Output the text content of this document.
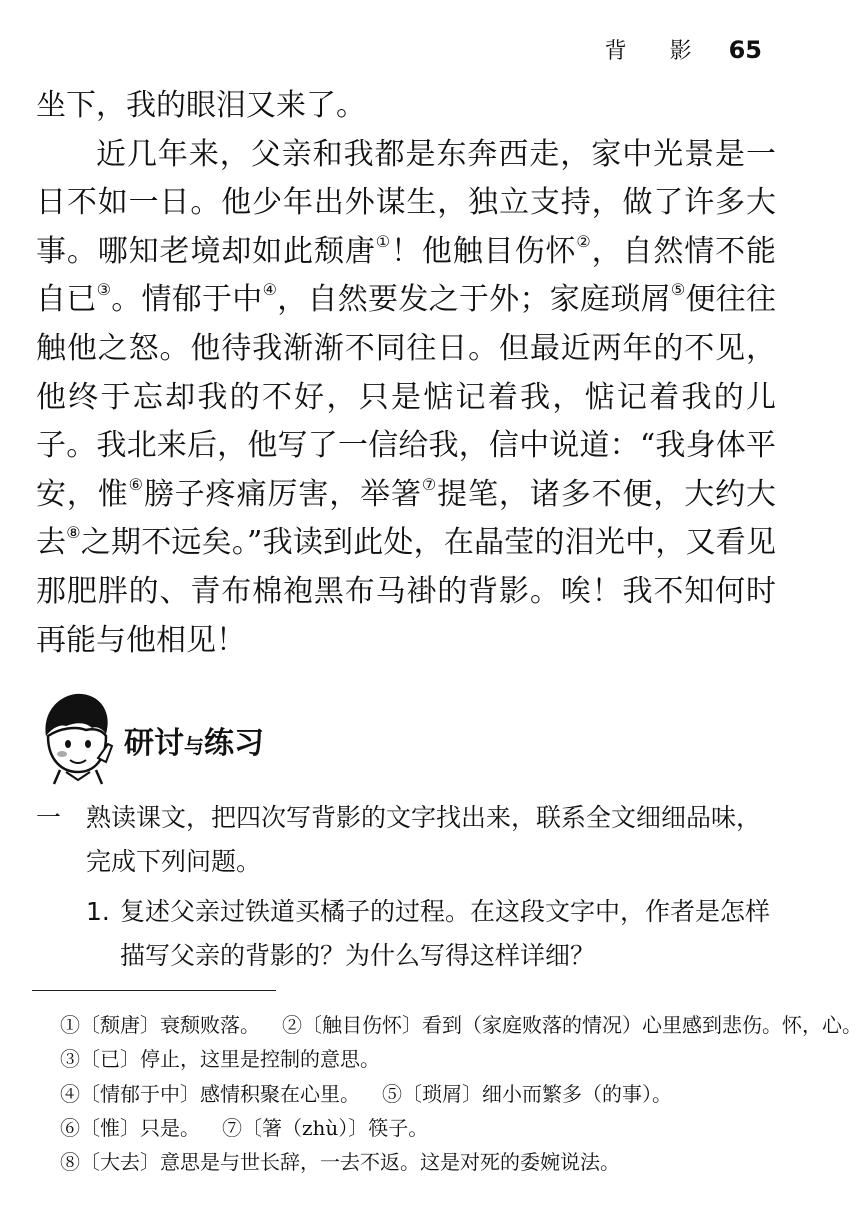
背 影 65

坐下，我的眼泪又来了。

近几年来，父亲和我都是东奔西走，家中光景是一日不如一日。他少年出外谋生，独立支持，做了许多大事。哪知老境却如此颓唐①！他触目伤怀②，自然情不能自已③。情郁于中④，自然要发之于外；家庭琐屑⑤便往往触他之怒。他待我渐渐不同往日。但最近两年的不见，他终于忘却我的不好，只是惦记着我，惦记着我的儿子。我北来后，他写了一信给我，信中说道：“我身体平安，惟⑥膀子疼痛厉害，举箸⑦提笔，诸多不便，大约大去⑧之期不远矣。”我读到此处，在晶莹的泪光中，又看见那肥胖的、青布棉袍黑布马褂的背影。唉！我不知何时再能与他相见！

研讨与练习
一 熟读课文，把四次写背影的文字找出来，联系全文细细品味，完成下列问题。
1. 复述父亲过铁道买橘子的过程。在这段文字中，作者是怎样描写父亲的背影的？为什么写得这样详细？
①〔颓唐〕衰颓败落。 ②〔触目伤怀〕看到（家庭败落的情况）心里感到悲伤。怀，心。
③〔已〕停止，这里是控制的意思。
④〔情郁于中〕感情积聚在心里。 ⑤〔琐屑〕细小而繁多（的事）。
⑥〔惟〕只是。 ⑦〔箸（zhù）〕筷子。
⑧〔大去〕意思是与世长辞，一去不返。这是对死的委婉说法。
